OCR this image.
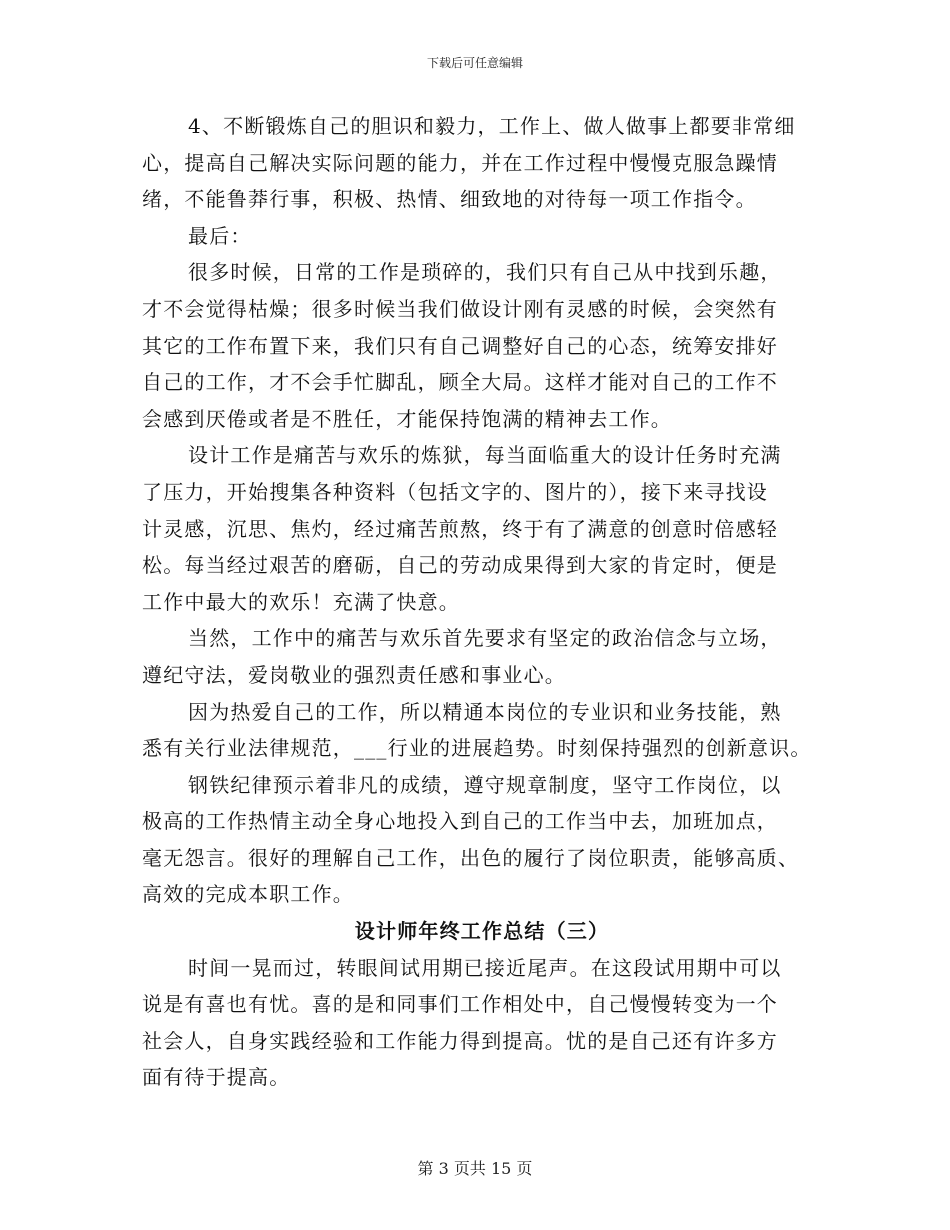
下载后可任意编辑
4、不断锻炼自己的胆识和毅力，工作上、做人做事上都要非常细
心，提高自己解决实际问题的能力，并在工作过程中慢慢克服急躁情
绪，不能鲁莽行事，积极、热情、细致地的对待每一项工作指令。
最后：
很多时候，日常的工作是琐碎的，我们只有自己从中找到乐趣，
才不会觉得枯燥；很多时候当我们做设计刚有灵感的时候，会突然有
其它的工作布置下来，我们只有自己调整好自己的心态，统筹安排好
自己的工作，才不会手忙脚乱，顾全大局。这样才能对自己的工作不
会感到厌倦或者是不胜任，才能保持饱满的精神去工作。
设计工作是痛苦与欢乐的炼狱，每当面临重大的设计任务时充满
了压力，开始搜集各种资料（包括文字的、图片的），接下来寻找设
计灵感，沉思、焦灼，经过痛苦煎熬，终于有了满意的创意时倍感轻
松。每当经过艰苦的磨砺，自己的劳动成果得到大家的肯定时，便是
工作中最大的欢乐！充满了快意。
当然，工作中的痛苦与欢乐首先要求有坚定的政治信念与立场，
遵纪守法，爱岗敬业的强烈责任感和事业心。
因为热爱自己的工作，所以精通本岗位的专业识和业务技能，熟
悉有关行业法律规范，___行业的进展趋势。时刻保持强烈的创新意识。
钢铁纪律预示着非凡的成绩，遵守规章制度，坚守工作岗位，以
极高的工作热情主动全身心地投入到自己的工作当中去，加班加点，
毫无怨言。很好的理解自己工作，出色的履行了岗位职责，能够高质、
高效的完成本职工作。
设计师年终工作总结（三）
时间一晃而过，转眼间试用期已接近尾声。在这段试用期中可以
说是有喜也有忧。喜的是和同事们工作相处中，自己慢慢转变为一个
社会人，自身实践经验和工作能力得到提高。忧的是自己还有许多方
面有待于提高。
第 3 页共 15 页
